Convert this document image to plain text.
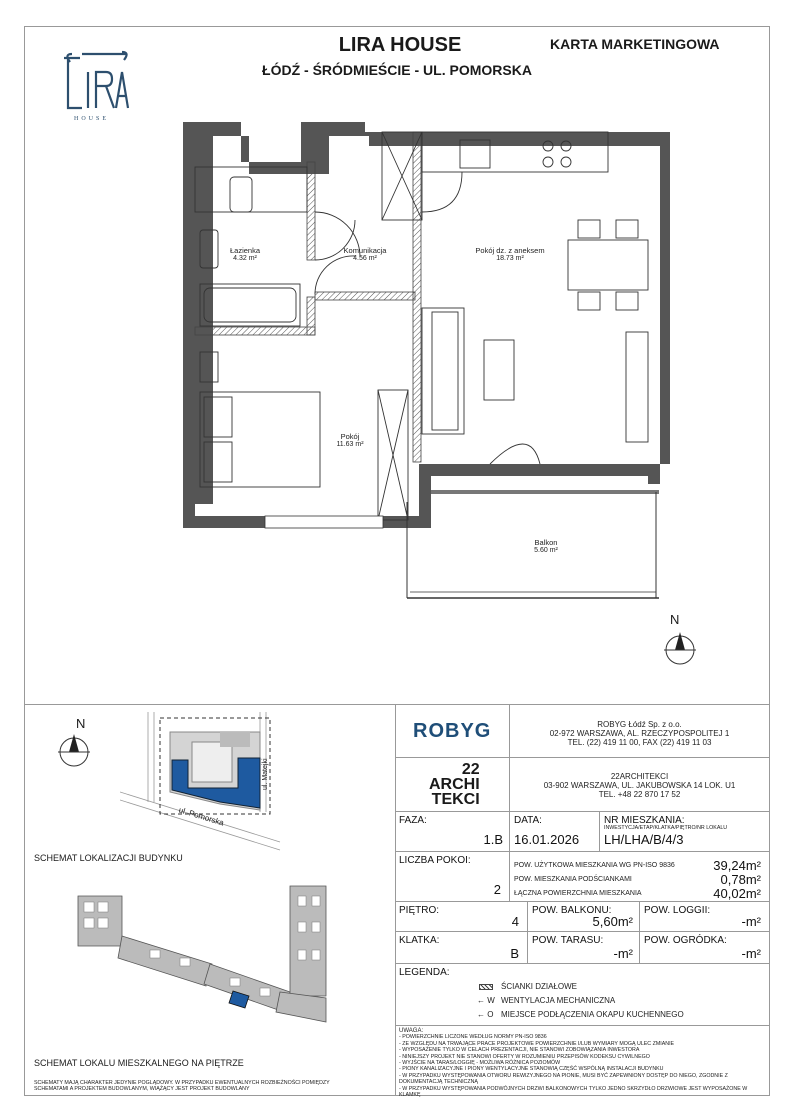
HOUSE
LIRA HOUSE
ŁÓDŹ - ŚRÓDMIEŚCIE - UL. POMORSKA
KARTA MARKETINGOWA
Łazienka
4.32 m²
Komunikacja
4.56 m²
Pokój dz. z aneksem
18.73 m²
Pokój
11.63 m²
Balkon
5.60 m²
N
N
ul. Matejki
ul. Pomorska
SCHEMAT LOKALIZACJI BUDYNKU
SCHEMAT LOKALU MIESZKALNEGO NA PIĘTRZE
SCHEMATY MAJĄ CHARAKTER JEDYNIE POGLĄDOWY. W PRZYPADKU EWENTUALNYCH ROZBIEŻNOŚCI POMIĘDZY SCHEMATAMI A PROJEKTEM BUDOWLANYM, WIĄŻĄCY JEST PROJEKT BUDOWLANY
ROBYG	ROBYG Łódź Sp. z o.o.
02-972 WARSZAWA, AL. RZECZYPOSPOLITEJ 1
TEL. (22) 419 11 00, FAX (22) 419 11 03
22
ARCHI
TEKCI
22ARCHITEKCI
03-902 WARSZAWA, UL. JAKUBOWSKA 14 LOK. U1
TEL. +48 22 870 17 52
FAZA:
1.B
DATA:
16.01.2026
NR MIESZKANIA:
INWESTYCJA/ETAP/KLATKA/PIĘTRO/NR LOKALU
LH/LHA/B/4/3
LICZBA POKOI:
2
POW. UŻYTKOWA MIESZKANIA WG PN-ISO 9836	39,24m²
POW. MIESZKANIA PODŚCIANKAMI	0,78m²
ŁĄCZNA POWIERZCHNIA MIESZKANIA	40,02m²
PIĘTRO:
4
POW. BALKONU:
5,60m²
POW. LOGGII:
-m²
KLATKA:
B
POW. TARASU:
-m²
POW. OGRÓDKA:
-m²
LEGENDA:
ŚCIANKI DZIAŁOWE
← W WENTYLACJA MECHANICZNA
← O MIEJSCE PODŁĄCZENIA OKAPU KUCHENNEGO
UWAGA:
- POWIERZCHNIE LICZONE WEDŁUG NORMY PN-ISO 9836
- ZE WZGLĘDU NA TRWAJĄCE PRACE PROJEKTOWE POWIERZCHNIE I/LUB WYMIARY MOGĄ ULEC ZMIANIE
- WYPOSAŻENIE TYLKO W CELACH PREZENTACJI, NIE STANOWI ZOBOWIĄZANIA INWESTORA
- NINIEJSZY PROJEKT NIE STANOWI OFERTY W ROZUMIENIU PRZEPISÓW KODEKSU CYWILNEGO
- WYJŚCIE NA TARAS/LOGGIĘ - MOŻLIWA RÓŻNICA POZIOMÓW
- PIONY KANALIZACYJNE I PIONY WENTYLACYJNE STANOWIĄ CZĘŚĆ WSPÓLNĄ INSTALACJI BUDYNKU
- W PRZYPADKU WYSTĘPOWANIA OTWORU REWIZYJNEGO NA PIONIE, MUSI BYĆ ZAPEWNIONY DOSTĘP DO NIEGO, ZGODNIE Z DOKUMENTACJĄ TECHNICZNĄ
- W PRZYPADKU WYSTĘPOWANIA PODWÓJNYCH DRZWI BALKONOWYCH TYLKO JEDNO SKRZYDŁO DRZWIOWE JEST WYPOSAŻONE W KLAMKĘ
